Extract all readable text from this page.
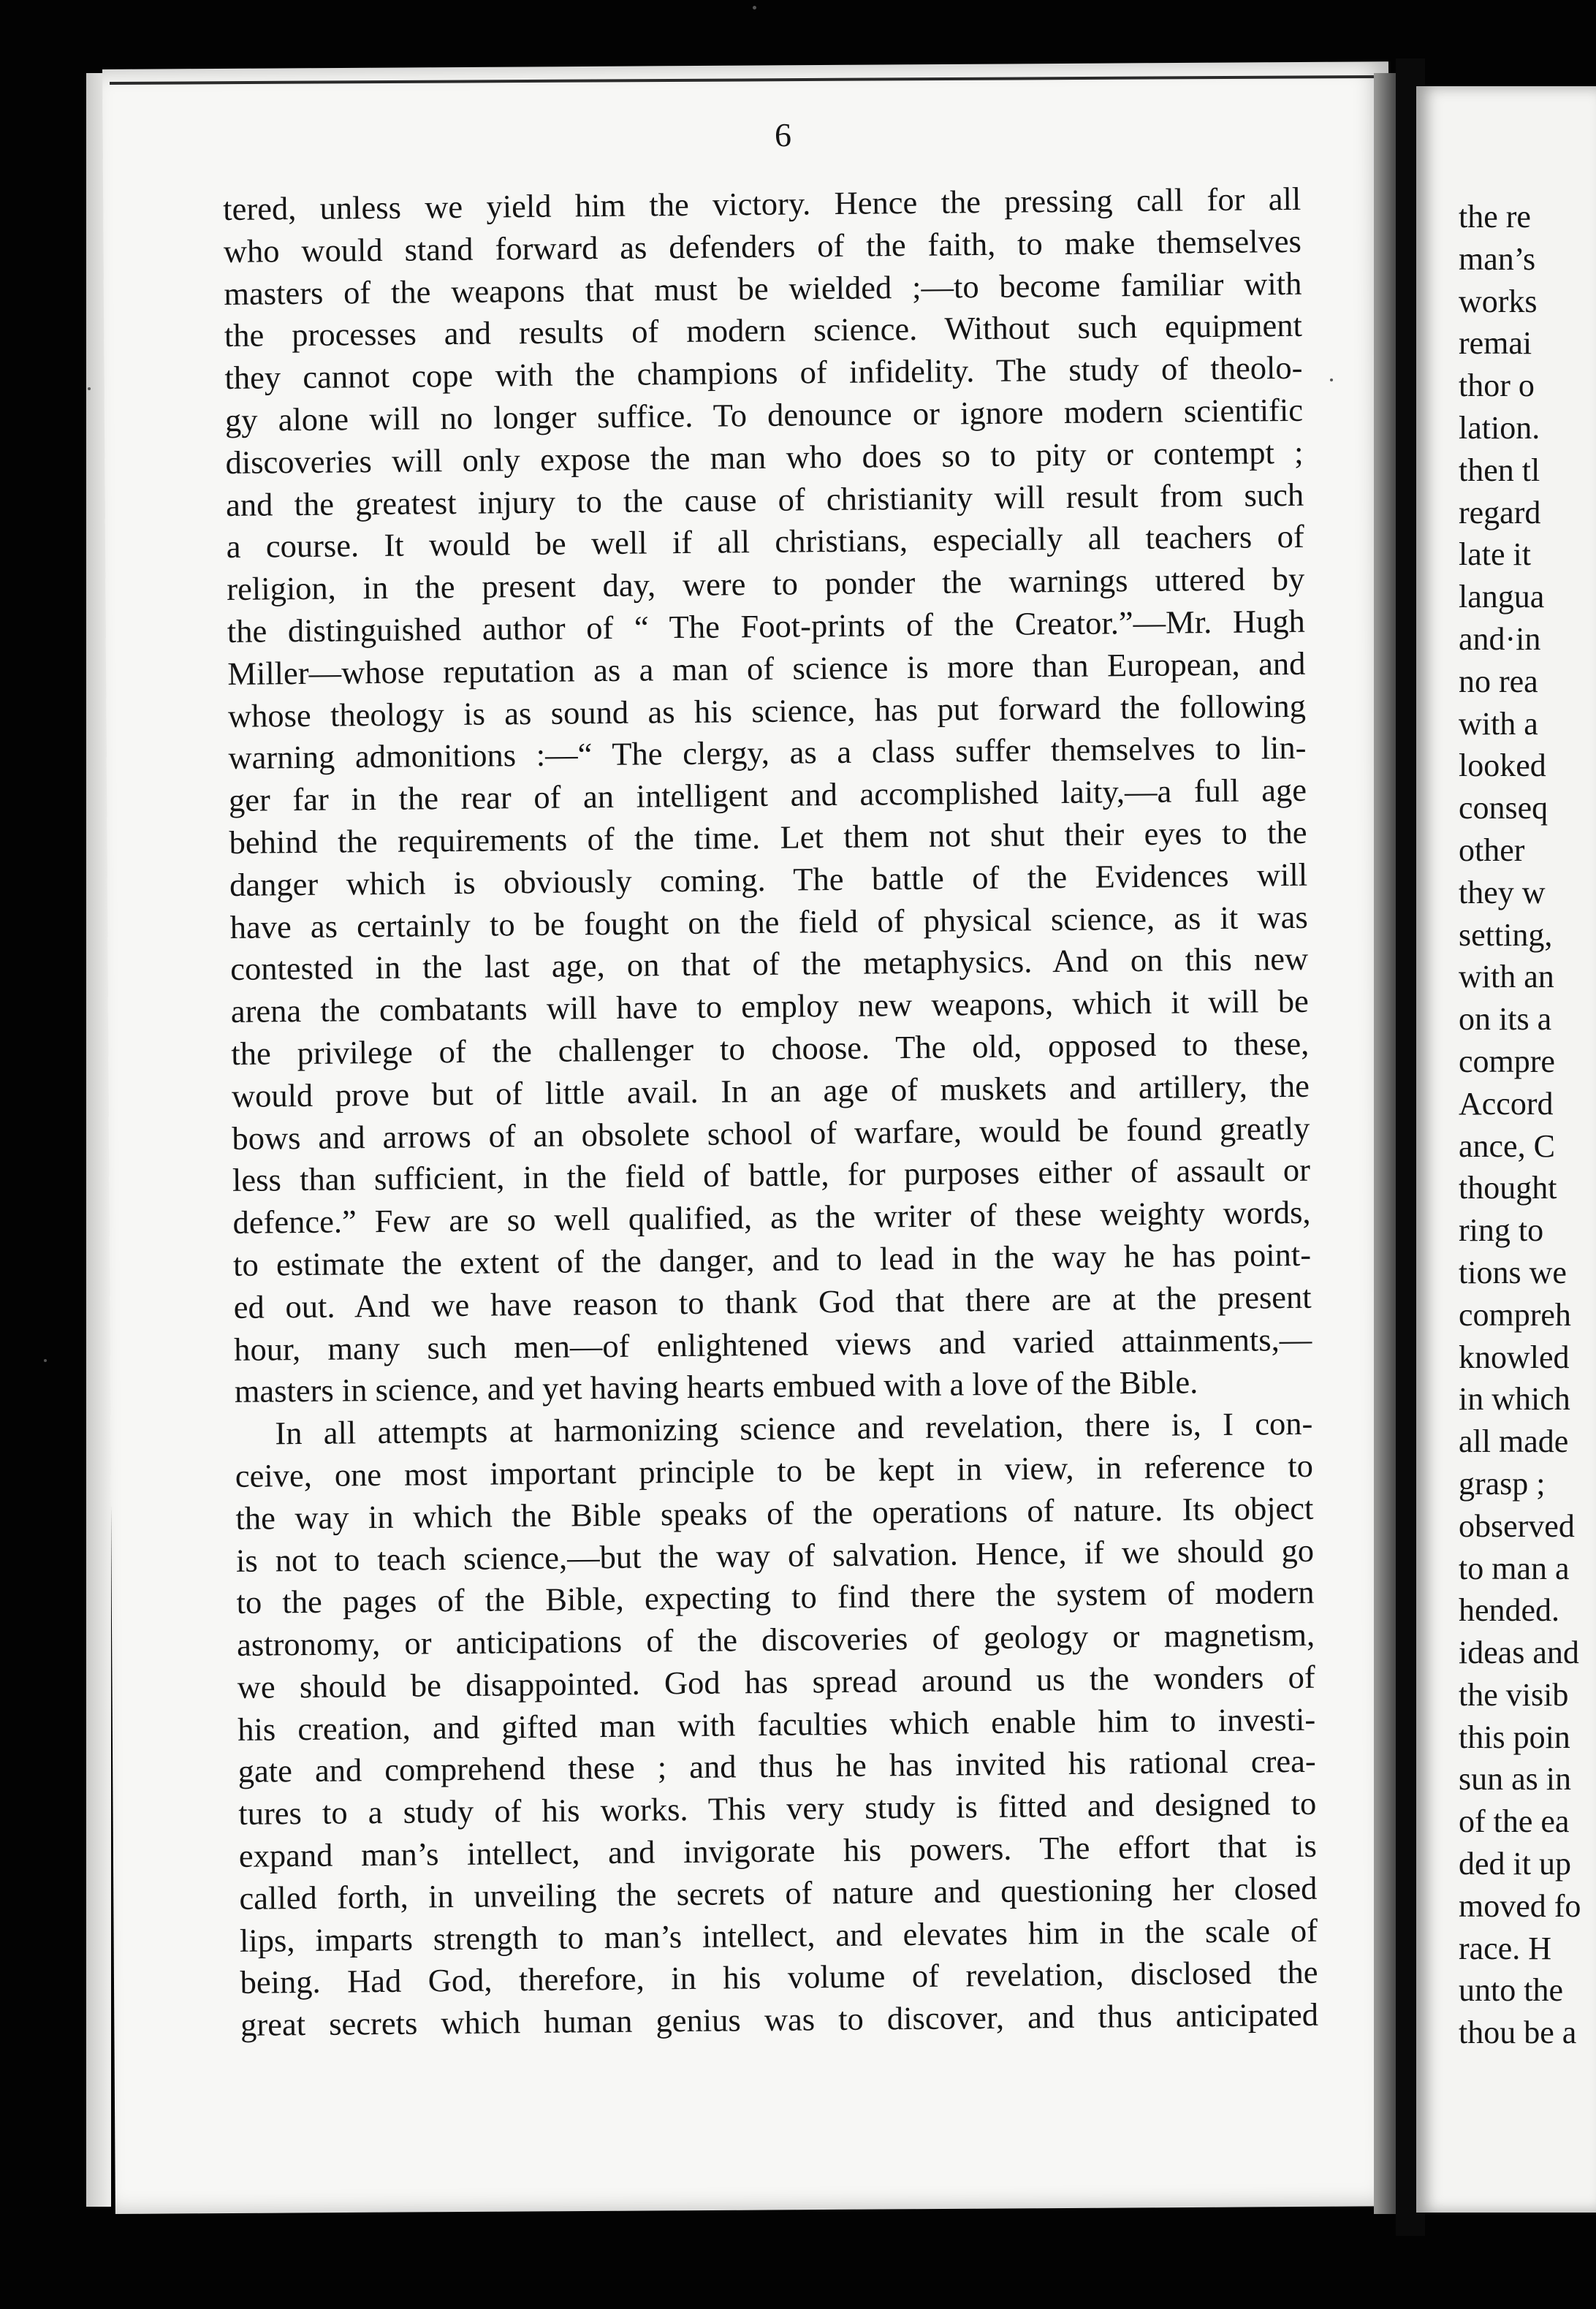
6
tered, unless we yield him the victory. Hence the pressing call for all
who would stand forward as defenders of the faith, to make themselves
masters of the weapons that must be wielded ;—to become familiar with
the processes and results of modern science. Without such equipment
they cannot cope with the champions of infidelity. The study of theolo-
gy alone will no longer suffice. To denounce or ignore modern scientific
discoveries will only expose the man who does so to pity or contempt ;
and the greatest injury to the cause of christianity will result from such
a course. It would be well if all christians, especially all teachers of
religion, in the present day, were to ponder the warnings uttered by
the distinguished author of “ The Foot-prints of the Creator.”—Mr. Hugh
Miller—whose reputation as a man of science is more than European, and
whose theology is as sound as his science, has put forward the following
warning admonitions :—“ The clergy, as a class suffer themselves to lin-
ger far in the rear of an intelligent and accomplished laity,—a full age
behind the requirements of the time. Let them not shut their eyes to the
danger which is obviously coming. The battle of the Evidences will
have as certainly to be fought on the field of physical science, as it was
contested in the last age, on that of the metaphysics. And on this new
arena the combatants will have to employ new weapons, which it will be
the privilege of the challenger to choose. The old, opposed to these,
would prove but of little avail. In an age of muskets and artillery, the
bows and arrows of an obsolete school of warfare, would be found greatly
less than sufficient, in the field of battle, for purposes either of assault or
defence.” Few are so well qualified, as the writer of these weighty words,
to estimate the extent of the danger, and to lead in the way he has point-
ed out. And we have reason to thank God that there are at the present
hour, many such men—of enlightened views and varied attainments,—
masters in science, and yet having hearts embued with a love of the Bible.
In all attempts at harmonizing science and revelation, there is, I con-
ceive, one most important principle to be kept in view, in reference to
the way in which the Bible speaks of the operations of nature. Its object
is not to teach science,—but the way of salvation. Hence, if we should go
to the pages of the Bible, expecting to find there the system of modern
astronomy, or anticipations of the discoveries of geology or magnetism,
we should be disappointed. God has spread around us the wonders of
his creation, and gifted man with faculties which enable him to investi-
gate and comprehend these ; and thus he has invited his rational crea-
tures to a study of his works. This very study is fitted and designed to
expand man’s intellect, and invigorate his powers. The effort that is
called forth, in unveiling the secrets of nature and questioning her closed
lips, imparts strength to man’s intellect, and elevates him in the scale of
being. Had God, therefore, in his volume of revelation, disclosed the
great secrets which human genius was to discover, and thus anticipated
the re
man’s
works
remai
thor o
lation.
then tl
regard
late it
langua
and·in
no rea
with a
looked
conseq
other
they w
setting,
with an
on its a
compre
Accord
ance, C
thought
ring to
tions we
compreh
knowled
in which
all made
grasp ;
observed
to man a
hended.
ideas and
the visib
this poin
sun as in
of the ea
ded it up
moved fo
race. H
unto the
thou be a
